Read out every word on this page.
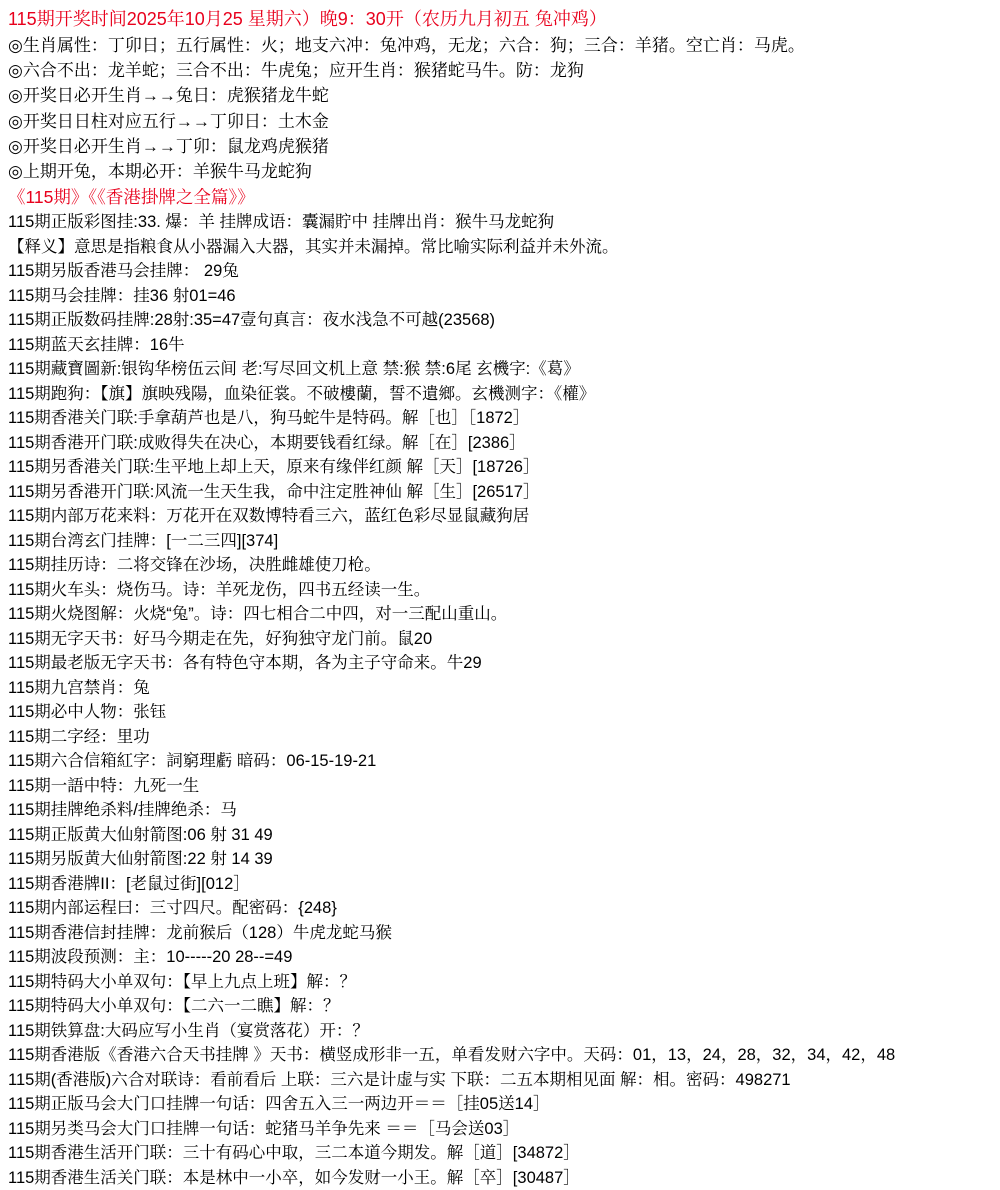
115期开奖时间2025年10月25 星期六）晚9：30开（农历九月初五 兔冲鸡）
◎生肖属性：丁卯日；五行属性：火；地支六冲：兔冲鸡，无龙；六合：狗；三合：羊猪。空亡肖：马虎。
◎六合不出：龙羊蛇；三合不出：牛虎兔；应开生肖：猴猪蛇马牛。防：龙狗
◎开奖日必开生肖→→兔日：虎猴猪龙牛蛇
◎开奖日日柱对应五行→→丁卯日：土木金
◎开奖日必开生肖→→丁卯：鼠龙鸡虎猴猪
◎上期开兔，本期必开：羊猴牛马龙蛇狗
《115期》《《香港掛牌之全篇》》
115期正版彩图挂:33. 爆：羊 挂牌成语：囊漏貯中 挂牌出肖：猴牛马龙蛇狗
【释义】意思是指粮食从小器漏入大器，其实并未漏掉。常比喻实际利益并未外流。
115期另版香港马会挂牌： 29兔
115期马会挂牌：挂36 射01=46
115期正版数码挂牌:28射:35=47壹句真言：夜水浅急不可越(23568)
115期蓝天玄挂牌：16牛
115期藏寶圖新:银钩华榜伍云间 老:写尽回文机上意 禁:猴 禁:6尾 玄機字:《葛》
115期跑狗：【旗】旗映残陽，血染征裳。不破樓蘭，誓不遺鄉。玄機测字：《權》
115期香港关门联:手拿葫芦也是八，狗马蛇牛是特码。解［也］［1872］
115期香港开门联:成败得失在决心，本期要钱看红绿。解［在］[2386］
115期另香港关门联:生平地上却上天，原来有缘伴红颜 解［天］[18726］
115期另香港开门联:风流一生天生我，命中注定胜神仙 解［生］[26517］
115期内部万花来料：万花开在双数博特看三六，蓝红色彩尽显鼠藏狗居
115期台湾玄门挂牌：[一二三四][374]
115期挂历诗：二将交锋在沙场，决胜雌雄使刀枪。
115期火车头：烧伤马。诗：羊死龙伤，四书五经读一生。
115期火烧图解：火烧“兔”。诗：四七相合二中四，对一三配山重山。
115期无字天书：好马今期走在先，好狗独守龙门前。鼠20
115期最老版无字天书：各有特色守本期，各为主子守命来。牛29
115期九宫禁肖：兔
115期必中人物：张钰
115期二字经：里功
115期六合信箱紅字：詞窮理虧 暗码：06-15-19-21
115期一語中特：九死一生
115期挂牌绝杀料/挂牌绝杀：马
115期正版黄大仙射箭图:06 射 31 49
115期另版黄大仙射箭图:22 射 14 39
115期香港牌II：[老鼠过街][012］
115期内部运程曰：三寸四尺。配密码：{248}
115期香港信封挂牌：龙前猴后（128）牛虎龙蛇马猴
115期波段预测：主：10-----20 28--=49
115期特码大小单双句：【早上九点上班】解：？
115期特码大小单双句：【二六一二瞧】解：？
115期铁算盘:大码应写小生肖（宴赏落花）开：？
115期香港版《香港六合天书挂牌 》天书：横竖成形非一五，单看发财六字中。天码：01，13，24，28，32，34，42，48
115期(香港版)六合对联诗：看前看后 上联：三六是计虚与实 下联：二五本期相见面 解：相。密码：498271
115期正版马会大门口挂牌一句话：四舍五入三一两边开＝＝［挂05送14］
115期另类马会大门口挂牌一句话：蛇猪马羊争先来 ＝＝［马会送03］
115期香港生活开门联：三十有码心中取，三二本道今期发。解［道］[34872］
115期香港生活关门联：本是林中一小卒，如今发财一小王。解［卒］[30487］
